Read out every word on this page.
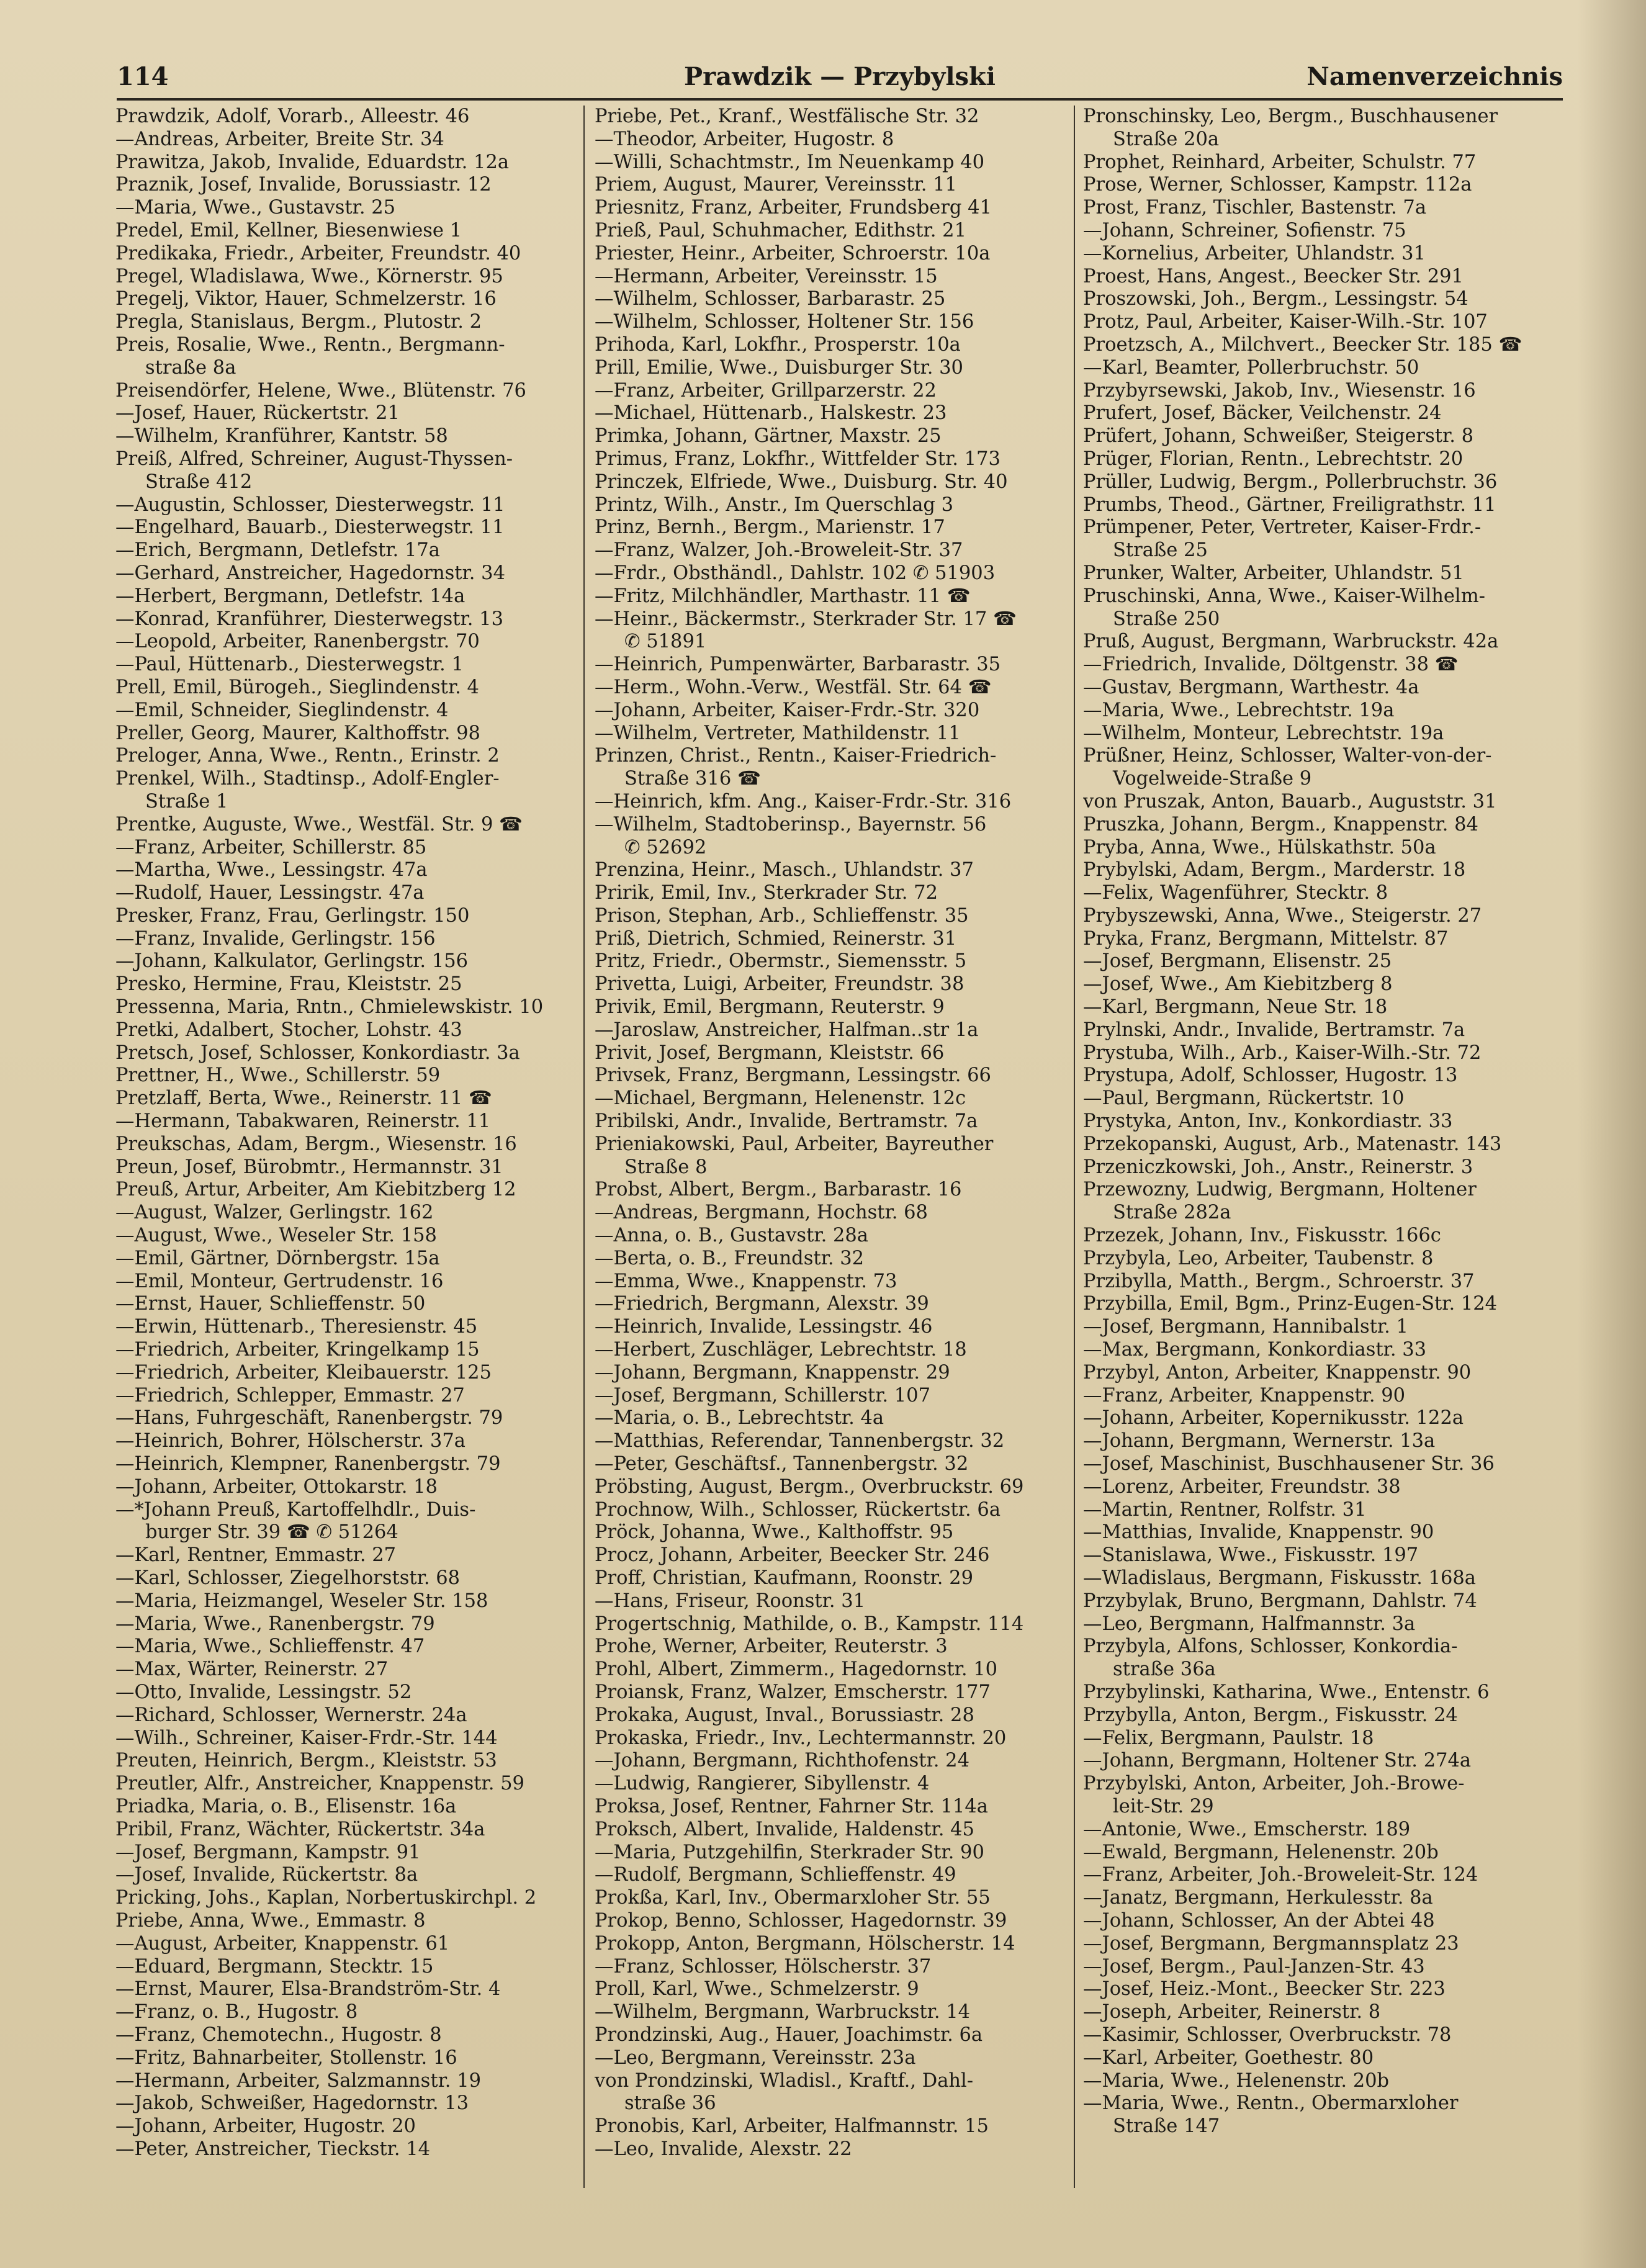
114	Prawdzik — Przybylski	Namenverzeichnis
Prawdzik, Adolf, Vorarb., Alleestr. 46
—Andreas, Arbeiter, Breite Str. 34
Prawitza, Jakob, Invalide, Eduardstr. 12a
Praznik, Josef, Invalide, Borussiastr. 12
—Maria, Wwe., Gustavstr. 25
Predel, Emil, Kellner, Biesenwiese 1
Predikaka, Friedr., Arbeiter, Freundstr. 40
Pregel, Wladislawa, Wwe., Körnerstr. 95
Pregelj, Viktor, Hauer, Schmelzerstr. 16
Pregla, Stanislaus, Bergm., Plutostr. 2
Preis, Rosalie, Wwe., Rentn., Bergmann-
straße 8a
Preisendörfer, Helene, Wwe., Blütenstr. 76
—Josef, Hauer, Rückertstr. 21
—Wilhelm, Kranführer, Kantstr. 58
Preiß, Alfred, Schreiner, August-Thyssen-
Straße 412
—Augustin, Schlosser, Diesterwegstr. 11
—Engelhard, Bauarb., Diesterwegstr. 11
—Erich, Bergmann, Detlefstr. 17a
—Gerhard, Anstreicher, Hagedornstr. 34
—Herbert, Bergmann, Detlefstr. 14a
—Konrad, Kranführer, Diesterwegstr. 13
—Leopold, Arbeiter, Ranenbergstr. 70
—Paul, Hüttenarb., Diesterwegstr. 1
Prell, Emil, Bürogeh., Sieglindenstr. 4
—Emil, Schneider, Sieglindenstr. 4
Preller, Georg, Maurer, Kalthoffstr. 98
Preloger, Anna, Wwe., Rentn., Erinstr. 2
Prenkel, Wilh., Stadtinsp., Adolf-Engler-
Straße 1
Prentke, Auguste, Wwe., Westfäl. Str. 9 ☎
—Franz, Arbeiter, Schillerstr. 85
—Martha, Wwe., Lessingstr. 47a
—Rudolf, Hauer, Lessingstr. 47a
Presker, Franz, Frau, Gerlingstr. 150
—Franz, Invalide, Gerlingstr. 156
—Johann, Kalkulator, Gerlingstr. 156
Presko, Hermine, Frau, Kleiststr. 25
Pressenna, Maria, Rntn., Chmielewskistr. 10
Pretki, Adalbert, Stocher, Lohstr. 43
Pretsch, Josef, Schlosser, Konkordiastr. 3a
Prettner, H., Wwe., Schillerstr. 59
Pretzlaff, Berta, Wwe., Reinerstr. 11 ☎
—Hermann, Tabakwaren, Reinerstr. 11
Preukschas, Adam, Bergm., Wiesenstr. 16
Preun, Josef, Bürobmtr., Hermannstr. 31
Preuß, Artur, Arbeiter, Am Kiebitzberg 12
—August, Walzer, Gerlingstr. 162
—August, Wwe., Weseler Str. 158
—Emil, Gärtner, Dörnbergstr. 15a
—Emil, Monteur, Gertrudenstr. 16
—Ernst, Hauer, Schlieffenstr. 50
—Erwin, Hüttenarb., Theresienstr. 45
—Friedrich, Arbeiter, Kringelkamp 15
—Friedrich, Arbeiter, Kleibauerstr. 125
—Friedrich, Schlepper, Emmastr. 27
—Hans, Fuhrgeschäft, Ranenbergstr. 79
—Heinrich, Bohrer, Hölscherstr. 37a
—Heinrich, Klempner, Ranenbergstr. 79
—Johann, Arbeiter, Ottokarstr. 18
—*Johann Preuß, Kartoffelhdlr., Duis-
burger Str. 39 ☎ ✆ 51264
—Karl, Rentner, Emmastr. 27
—Karl, Schlosser, Ziegelhorststr. 68
—Maria, Heizmangel, Weseler Str. 158
—Maria, Wwe., Ranenbergstr. 79
—Maria, Wwe., Schlieffenstr. 47
—Max, Wärter, Reinerstr. 27
—Otto, Invalide, Lessingstr. 52
—Richard, Schlosser, Wernerstr. 24a
—Wilh., Schreiner, Kaiser-Frdr.-Str. 144
Preuten, Heinrich, Bergm., Kleiststr. 53
Preutler, Alfr., Anstreicher, Knappenstr. 59
Priadka, Maria, o. B., Elisenstr. 16a
Pribil, Franz, Wächter, Rückertstr. 34a
—Josef, Bergmann, Kampstr. 91
—Josef, Invalide, Rückertstr. 8a
Pricking, Johs., Kaplan, Norbertuskirchpl. 2
Priebe, Anna, Wwe., Emmastr. 8
—August, Arbeiter, Knappenstr. 61
—Eduard, Bergmann, Stecktr. 15
—Ernst, Maurer, Elsa-Brandström-Str. 4
—Franz, o. B., Hugostr. 8
—Franz, Chemotechn., Hugostr. 8
—Fritz, Bahnarbeiter, Stollenstr. 16
—Hermann, Arbeiter, Salzmannstr. 19
—Jakob, Schweißer, Hagedornstr. 13
—Johann, Arbeiter, Hugostr. 20
—Peter, Anstreicher, Tieckstr. 14
Priebe, Pet., Kranf., Westfälische Str. 32
—Theodor, Arbeiter, Hugostr. 8
—Willi, Schachtmstr., Im Neuenkamp 40
Priem, August, Maurer, Vereinsstr. 11
Priesnitz, Franz, Arbeiter, Frundsberg 41
Prieß, Paul, Schuhmacher, Edithstr. 21
Priester, Heinr., Arbeiter, Schroerstr. 10a
—Hermann, Arbeiter, Vereinsstr. 15
—Wilhelm, Schlosser, Barbarastr. 25
—Wilhelm, Schlosser, Holtener Str. 156
Prihoda, Karl, Lokfhr., Prosperstr. 10a
Prill, Emilie, Wwe., Duisburger Str. 30
—Franz, Arbeiter, Grillparzerstr. 22
—Michael, Hüttenarb., Halskestr. 23
Primka, Johann, Gärtner, Maxstr. 25
Primus, Franz, Lokfhr., Wittfelder Str. 173
Princzek, Elfriede, Wwe., Duisburg. Str. 40
Printz, Wilh., Anstr., Im Querschlag 3
Prinz, Bernh., Bergm., Marienstr. 17
—Franz, Walzer, Joh.-Broweleit-Str. 37
—Frdr., Obsthändl., Dahlstr. 102 ✆ 51903
—Fritz, Milchhändler, Marthastr. 11 ☎
—Heinr., Bäckermstr., Sterkrader Str. 17 ☎
✆ 51891
—Heinrich, Pumpenwärter, Barbarastr. 35
—Herm., Wohn.-Verw., Westfäl. Str. 64 ☎
—Johann, Arbeiter, Kaiser-Frdr.-Str. 320
—Wilhelm, Vertreter, Mathildenstr. 11
Prinzen, Christ., Rentn., Kaiser-Friedrich-
Straße 316 ☎
—Heinrich, kfm. Ang., Kaiser-Frdr.-Str. 316
—Wilhelm, Stadtoberinsp., Bayernstr. 56
✆ 52692
Prenzina, Heinr., Masch., Uhlandstr. 37
Pririk, Emil, Inv., Sterkrader Str. 72
Prison, Stephan, Arb., Schlieffenstr. 35
Priß, Dietrich, Schmied, Reinerstr. 31
Pritz, Friedr., Obermstr., Siemensstr. 5
Privetta, Luigi, Arbeiter, Freundstr. 38
Privik, Emil, Bergmann, Reuterstr. 9
—Jaroslaw, Anstreicher, Halfman..str 1a
Privit, Josef, Bergmann, Kleiststr. 66
Privsek, Franz, Bergmann, Lessingstr. 66
—Michael, Bergmann, Helenenstr. 12c
Pribilski, Andr., Invalide, Bertramstr. 7a
Prieniakowski, Paul, Arbeiter, Bayreuther
Straße 8
Probst, Albert, Bergm., Barbarastr. 16
—Andreas, Bergmann, Hochstr. 68
—Anna, o. B., Gustavstr. 28a
—Berta, o. B., Freundstr. 32
—Emma, Wwe., Knappenstr. 73
—Friedrich, Bergmann, Alexstr. 39
—Heinrich, Invalide, Lessingstr. 46
—Herbert, Zuschläger, Lebrechtstr. 18
—Johann, Bergmann, Knappenstr. 29
—Josef, Bergmann, Schillerstr. 107
—Maria, o. B., Lebrechtstr. 4a
—Matthias, Referendar, Tannenbergstr. 32
—Peter, Geschäftsf., Tannenbergstr. 32
Pröbsting, August, Bergm., Overbruckstr. 69
Prochnow, Wilh., Schlosser, Rückertstr. 6a
Pröck, Johanna, Wwe., Kalthoffstr. 95
Procz, Johann, Arbeiter, Beecker Str. 246
Proff, Christian, Kaufmann, Roonstr. 29
—Hans, Friseur, Roonstr. 31
Progertschnig, Mathilde, o. B., Kampstr. 114
Prohe, Werner, Arbeiter, Reuterstr. 3
Prohl, Albert, Zimmerm., Hagedornstr. 10
Proiansk, Franz, Walzer, Emscherstr. 177
Prokaka, August, Inval., Borussiastr. 28
Prokaska, Friedr., Inv., Lechtermannstr. 20
—Johann, Bergmann, Richthofenstr. 24
—Ludwig, Rangierer, Sibyllenstr. 4
Proksa, Josef, Rentner, Fahrner Str. 114a
Proksch, Albert, Invalide, Haldenstr. 45
—Maria, Putzgehilfin, Sterkrader Str. 90
—Rudolf, Bergmann, Schlieffenstr. 49
Prokßa, Karl, Inv., Obermarxloher Str. 55
Prokop, Benno, Schlosser, Hagedornstr. 39
Prokopp, Anton, Bergmann, Hölscherstr. 14
—Franz, Schlosser, Hölscherstr. 37
Proll, Karl, Wwe., Schmelzerstr. 9
—Wilhelm, Bergmann, Warbruckstr. 14
Prondzinski, Aug., Hauer, Joachimstr. 6a
—Leo, Bergmann, Vereinsstr. 23a
von Prondzinski, Wladisl., Kraftf., Dahl-
straße 36
Pronobis, Karl, Arbeiter, Halfmannstr. 15
—Leo, Invalide, Alexstr. 22
Pronschinsky, Leo, Bergm., Buschhausener
Straße 20a
Prophet, Reinhard, Arbeiter, Schulstr. 77
Prose, Werner, Schlosser, Kampstr. 112a
Prost, Franz, Tischler, Bastenstr. 7a
—Johann, Schreiner, Sofienstr. 75
—Kornelius, Arbeiter, Uhlandstr. 31
Proest, Hans, Angest., Beecker Str. 291
Proszowski, Joh., Bergm., Lessingstr. 54
Protz, Paul, Arbeiter, Kaiser-Wilh.-Str. 107
Proetzsch, A., Milchvert., Beecker Str. 185 ☎
—Karl, Beamter, Pollerbruchstr. 50
Przybyrsewski, Jakob, Inv., Wiesenstr. 16
Prufert, Josef, Bäcker, Veilchenstr. 24
Prüfert, Johann, Schweißer, Steigerstr. 8
Prüger, Florian, Rentn., Lebrechtstr. 20
Prüller, Ludwig, Bergm., Pollerbruchstr. 36
Prumbs, Theod., Gärtner, Freiligrathstr. 11
Prümpener, Peter, Vertreter, Kaiser-Frdr.-
Straße 25
Prunker, Walter, Arbeiter, Uhlandstr. 51
Pruschinski, Anna, Wwe., Kaiser-Wilhelm-
Straße 250
Pruß, August, Bergmann, Warbruckstr. 42a
—Friedrich, Invalide, Döltgenstr. 38 ☎
—Gustav, Bergmann, Warthestr. 4a
—Maria, Wwe., Lebrechtstr. 19a
—Wilhelm, Monteur, Lebrechtstr. 19a
Prüßner, Heinz, Schlosser, Walter-von-der-
Vogelweide-Straße 9
von Pruszak, Anton, Bauarb., Auguststr. 31
Pruszka, Johann, Bergm., Knappenstr. 84
Pryba, Anna, Wwe., Hülskathstr. 50a
Prybylski, Adam, Bergm., Marderstr. 18
—Felix, Wagenführer, Stecktr. 8
Prybyszewski, Anna, Wwe., Steigerstr. 27
Pryka, Franz, Bergmann, Mittelstr. 87
—Josef, Bergmann, Elisenstr. 25
—Josef, Wwe., Am Kiebitzberg 8
—Karl, Bergmann, Neue Str. 18
Prylnski, Andr., Invalide, Bertramstr. 7a
Prystuba, Wilh., Arb., Kaiser-Wilh.-Str. 72
Prystupa, Adolf, Schlosser, Hugostr. 13
—Paul, Bergmann, Rückertstr. 10
Prystyka, Anton, Inv., Konkordiastr. 33
Przekopanski, August, Arb., Matenastr. 143
Przeniczkowski, Joh., Anstr., Reinerstr. 3
Przewozny, Ludwig, Bergmann, Holtener
Straße 282a
Przezek, Johann, Inv., Fiskusstr. 166c
Przybyla, Leo, Arbeiter, Taubenstr. 8
Przibylla, Matth., Bergm., Schroerstr. 37
Przybilla, Emil, Bgm., Prinz-Eugen-Str. 124
—Josef, Bergmann, Hannibalstr. 1
—Max, Bergmann, Konkordiastr. 33
Przybyl, Anton, Arbeiter, Knappenstr. 90
—Franz, Arbeiter, Knappenstr. 90
—Johann, Arbeiter, Kopernikusstr. 122a
—Johann, Bergmann, Wernerstr. 13a
—Josef, Maschinist, Buschhausener Str. 36
—Lorenz, Arbeiter, Freundstr. 38
—Martin, Rentner, Rolfstr. 31
—Matthias, Invalide, Knappenstr. 90
—Stanislawa, Wwe., Fiskusstr. 197
—Wladislaus, Bergmann, Fiskusstr. 168a
Przybylak, Bruno, Bergmann, Dahlstr. 74
—Leo, Bergmann, Halfmannstr. 3a
Przybyla, Alfons, Schlosser, Konkordia-
straße 36a
Przybylinski, Katharina, Wwe., Entenstr. 6
Przybylla, Anton, Bergm., Fiskusstr. 24
—Felix, Bergmann, Paulstr. 18
—Johann, Bergmann, Holtener Str. 274a
Przybylski, Anton, Arbeiter, Joh.-Browe-
leit-Str. 29
—Antonie, Wwe., Emscherstr. 189
—Ewald, Bergmann, Helenenstr. 20b
—Franz, Arbeiter, Joh.-Broweleit-Str. 124
—Janatz, Bergmann, Herkulesstr. 8a
—Johann, Schlosser, An der Abtei 48
—Josef, Bergmann, Bergmannsplatz 23
—Josef, Bergm., Paul-Janzen-Str. 43
—Josef, Heiz.-Mont., Beecker Str. 223
—Joseph, Arbeiter, Reinerstr. 8
—Kasimir, Schlosser, Overbruckstr. 78
—Karl, Arbeiter, Goethestr. 80
—Maria, Wwe., Helenenstr. 20b
—Maria, Wwe., Rentn., Obermarxloher
Straße 147
